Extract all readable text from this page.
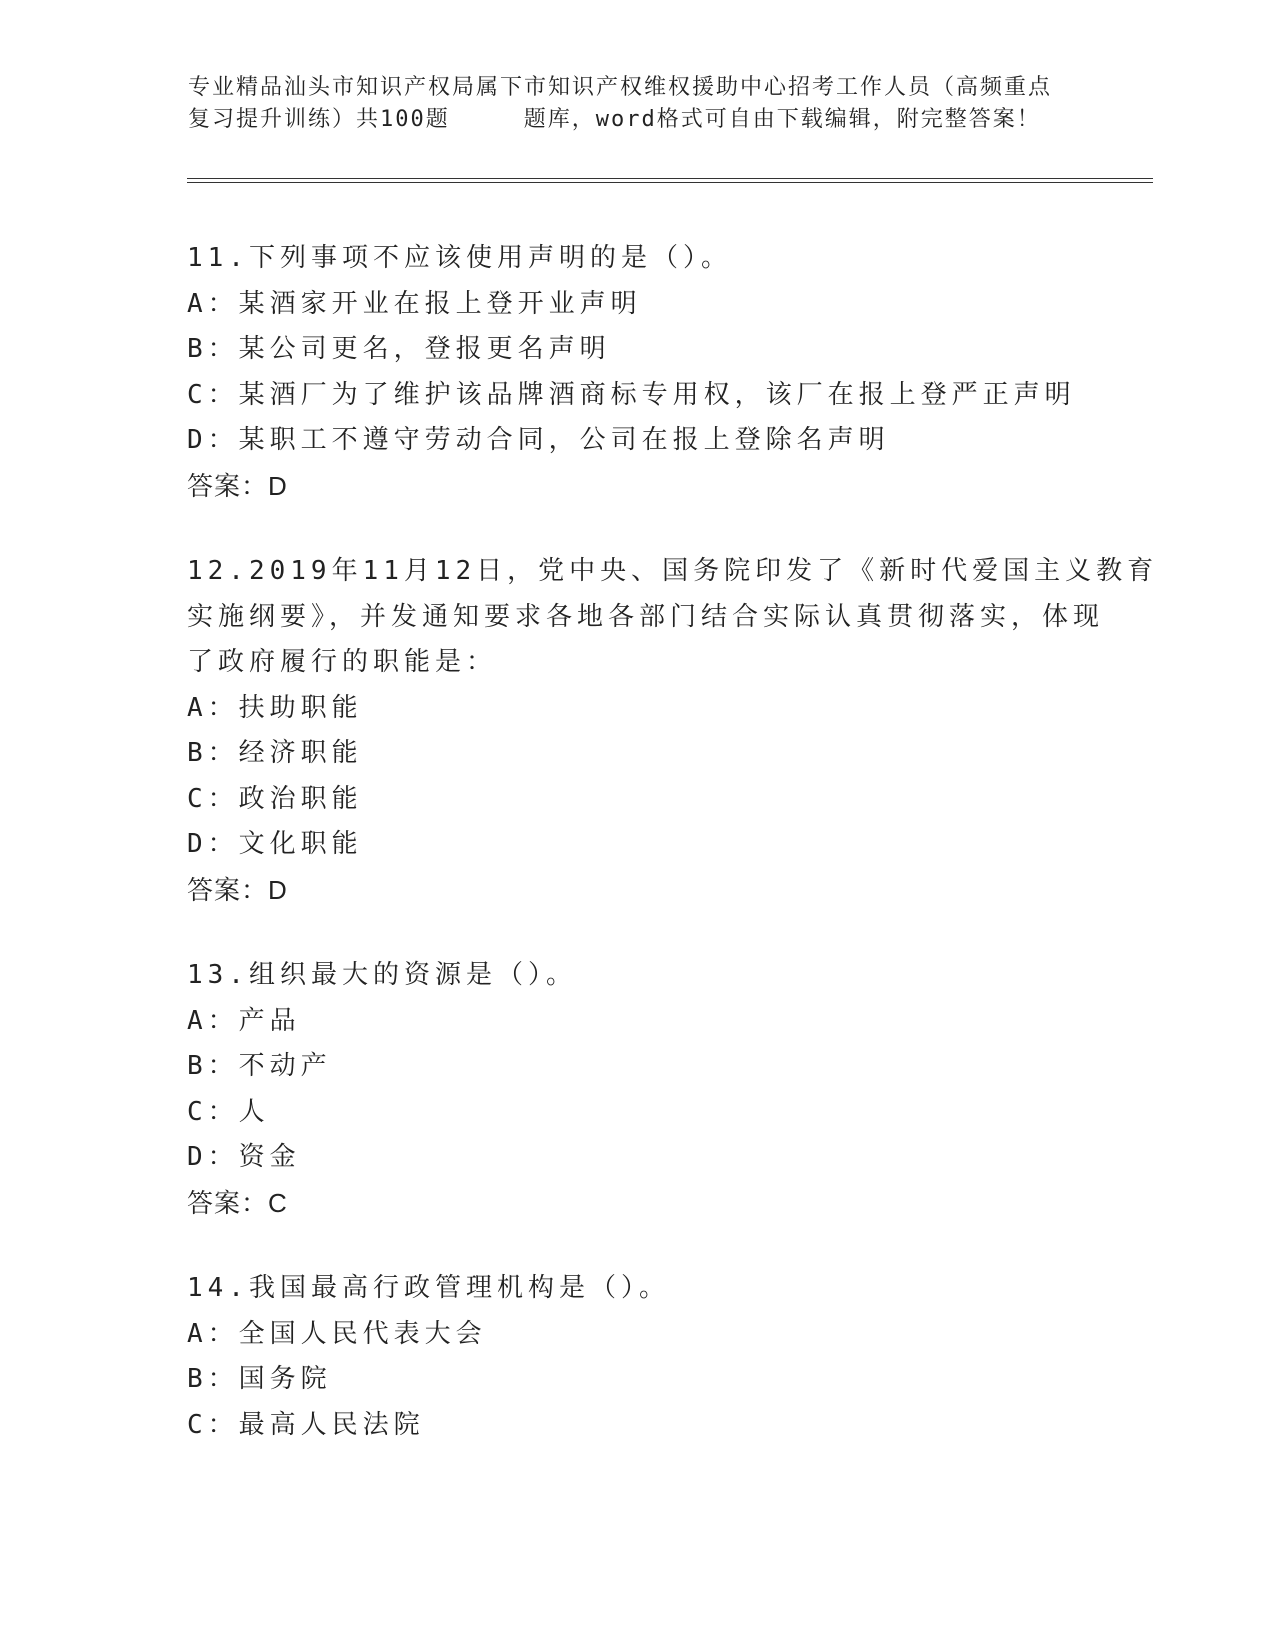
专业精品汕头市知识产权局属下市知识产权维权援助中心招考工作人员（高频重点
复习提升训练）共100题	题库，word格式可自由下载编辑，附完整答案！
11.下列事项不应该使用声明的是（）。
A：某酒家开业在报上登开业声明
B：某公司更名，登报更名声明
C：某酒厂为了维护该品牌酒商标专用权，该厂在报上登严正声明
D：某职工不遵守劳动合同，公司在报上登除名声明
答案：D
12.2019年11月12日，党中央、国务院印发了《新时代爱国主义教育
实施纲要》，并发通知要求各地各部门结合实际认真贯彻落实，体现
了政府履行的职能是：
A：扶助职能
B：经济职能
C：政治职能
D：文化职能
答案：D
13.组织最大的资源是（）。
A：产品
B：不动产
C：人
D：资金
答案：C
14.我国最高行政管理机构是（）。
A：全国人民代表大会
B：国务院
C：最高人民法院
